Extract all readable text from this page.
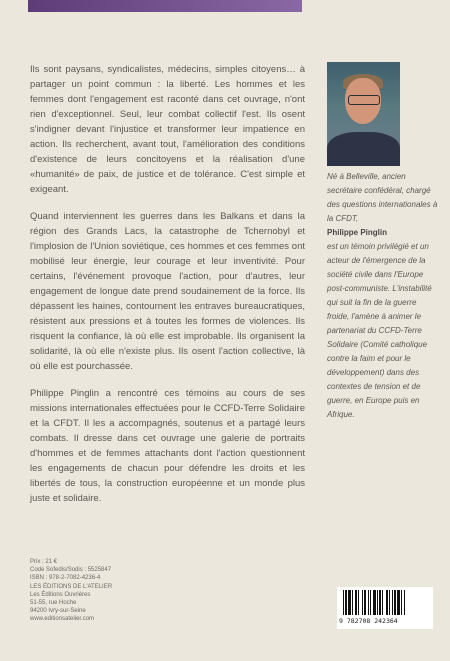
Ils sont paysans, syndicalistes, médecins, simples citoyens… à partager un point commun : la liberté. Les hommes et les femmes dont l'engagement est raconté dans cet ouvrage, n'ont rien d'exceptionnel. Seul, leur combat collectif l'est. Ils osent s'indigner devant l'injustice et transformer leur impatience en action. Ils recherchent, avant tout, l'amélioration des conditions d'existence de leurs concitoyens et la réalisation d'une «humanité» de paix, de justice et de tolérance. C'est simple et exigeant.

Quand interviennent les guerres dans les Balkans et dans la région des Grands Lacs, la catastrophe de Tchernobyl et l'implosion de l'Union soviétique, ces hommes et ces femmes ont mobilisé leur énergie, leur courage et leur inventivité. Pour certains, l'événement provoque l'action, pour d'autres, leur engagement de longue date prend soudainement de la force. Ils dépassent les haines, contournent les entraves bureaucratiques, résistent aux pressions et à toutes les formes de violences. Ils risquent la confiance, là où elle est improbable. Ils organisent la solidarité, là où elle n'existe plus. Ils osent l'action collective, là où elle est pourchassée.

Philippe Pinglin a rencontré ces témoins au cours de ses missions internationales effectuées pour le CCFD-Terre Solidaire et la CFDT. Il les a accompagnés, soutenus et a partagé leurs combats. Il dresse dans cet ouvrage une galerie de portraits d'hommes et de femmes attachants dont l'action questionnent les engagements de chacun pour défendre les droits et les libertés de tous, la construction européenne et un monde plus juste et solidaire.

Né à Belleville, ancien secrétaire confédéral, chargé des questions internationales à la CFDT,
Philippe Pinglin
est un témoin privilégié et un acteur de l'émergence de la société civile dans l'Europe post-communiste. L'instabilité qui suit la fin de la guerre froide, l'amène à animer le partenariat du CCFD-Terre Solidaire (Comité catholique contre la faim et pour le développement) dans des contextes de tension et de guerre, en Europe puis en Afrique.
Prix : 21 €
Code Sofedis/Sodis : 5525847
ISBN : 978-2-7082-4236-4
LES ÉDITIONS DE L'ATELIER
Les Éditions Ouvrières
51-55, rue Hoche
94200 Ivry-sur-Seine
www.editionsatelier.com	9 782708 242364
